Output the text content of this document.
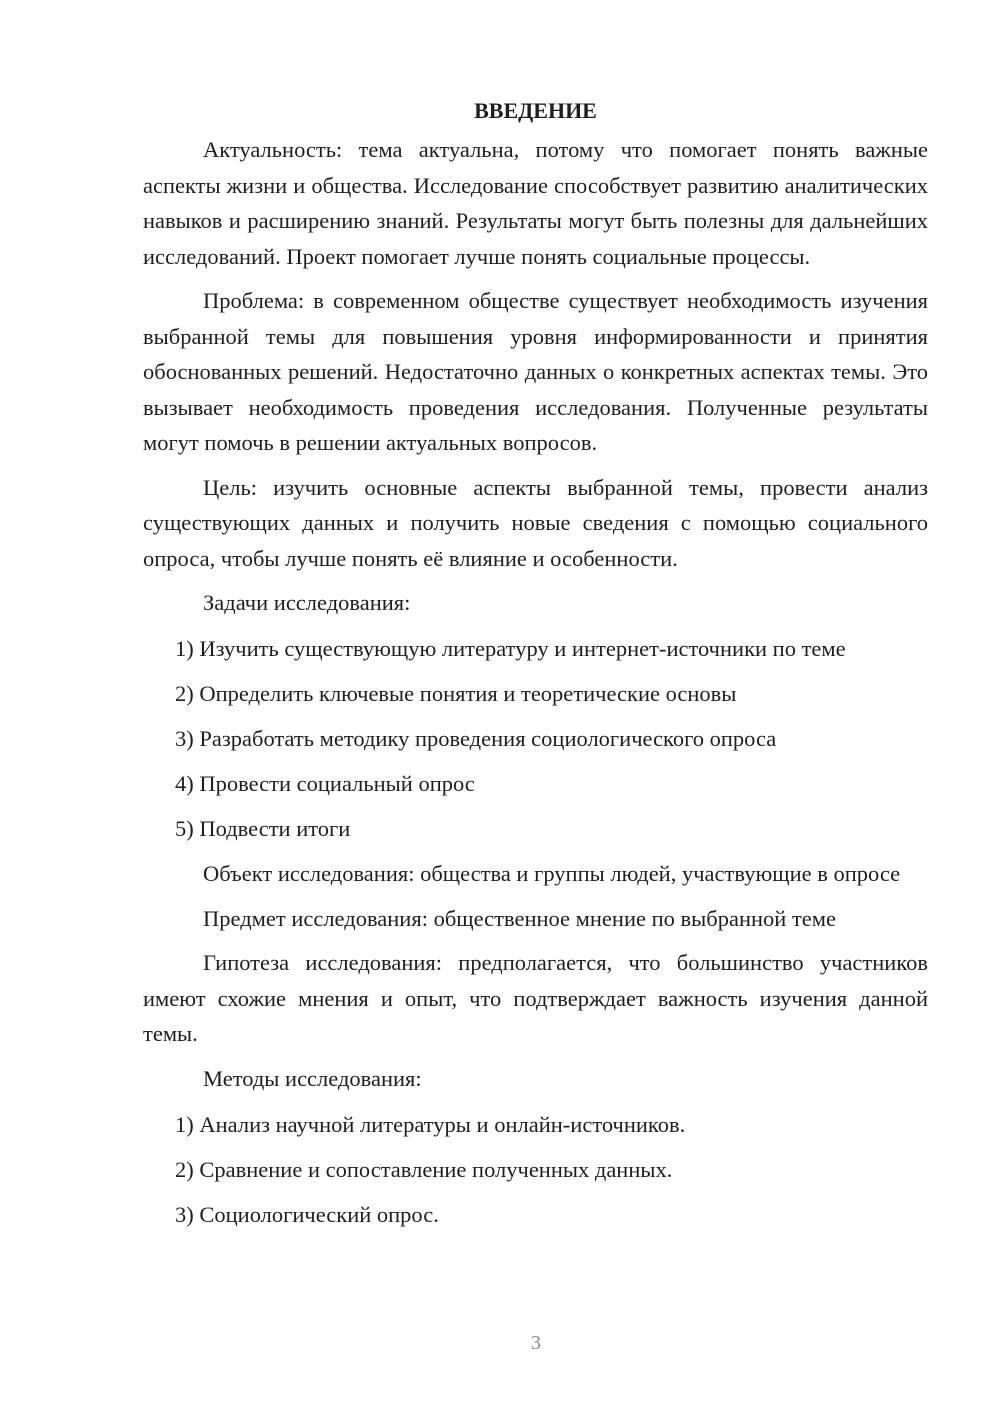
ВВЕДЕНИЕ

Актуальность: тема актуальна, потому что помогает понять важные аспекты жизни и общества. Исследование способствует развитию аналитических навыков и расширению знаний. Результаты могут быть полезны для дальнейших исследований. Проект помогает лучше понять социальные процессы.

Проблема: в современном обществе существует необходимость изучения выбранной темы для повышения уровня информированности и принятия обоснованных решений. Недостаточно данных о конкретных аспектах темы. Это вызывает необходимость проведения исследования. Полученные результаты могут помочь в решении актуальных вопросов.

Цель: изучить основные аспекты выбранной темы, провести анализ существующих данных и получить новые сведения с помощью социального опроса, чтобы лучше понять её влияние и особенности.

Задачи исследования:

1) Изучить существующую литературу и интернет-источники по теме
2) Определить ключевые понятия и теоретические основы
3) Разработать методику проведения социологического опроса
4) Провести социальный опрос
5) Подвести итоги

Объект исследования: общества и группы людей, участвующие в опросе

Предмет исследования: общественное мнение по выбранной теме

Гипотеза исследования: предполагается, что большинство участников имеют схожие мнения и опыт, что подтверждает важность изучения данной темы.

Методы исследования:

1) Анализ научной литературы и онлайн-источников.
2) Сравнение и сопоставление полученных данных.
3) Социологический опрос.
3
